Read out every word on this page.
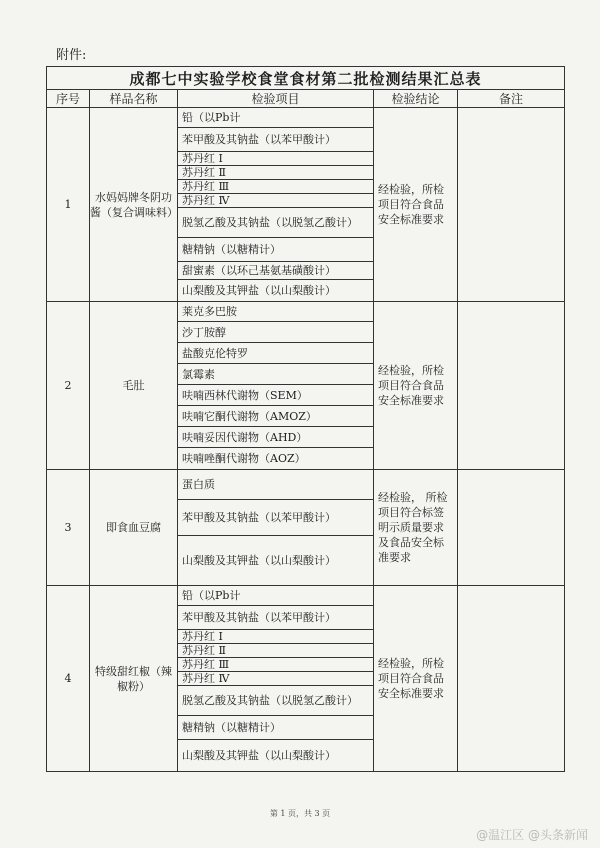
附件:
成都七中实验学校食堂食材第二批检测结果汇总表				
序号	样品名称	检验项目	检验结论	备注
1	水妈妈牌冬阴功酱（复合调味料）	铅（以Pb计	经检验，所检项目符合食品安全标准要求	
		苯甲酸及其钠盐（以苯甲酸计）		
		苏丹红 Ⅰ		
		苏丹红 Ⅱ		
		苏丹红 Ⅲ		
		苏丹红 Ⅳ		
		脱氢乙酸及其钠盐（以脱氢乙酸计）		
		糖精钠（以糖精计）		
		甜蜜素（以环己基氨基磺酸计）		
		山梨酸及其钾盐（以山梨酸计）		
2	毛肚	莱克多巴胺	经检验，所检项目符合食品安全标准要求	
		沙丁胺醇		
		盐酸克伦特罗		
		氯霉素		
		呋喃西林代谢物（SEM）		
		呋喃它酮代谢物（AMOZ）		
		呋喃妥因代谢物（AHD）		
		呋喃唑酮代谢物（AOZ）		
3	即食血豆腐	蛋白质	经检验， 所检项目符合标签明示质量要求及食品安全标准要求	
		苯甲酸及其钠盐（以苯甲酸计）		
		山梨酸及其钾盐（以山梨酸计）		
4	特级甜红椒（辣椒粉）	铅（以Pb计	经检验，所检项目符合食品安全标准要求	
		苯甲酸及其钠盐（以苯甲酸计）		
		苏丹红 Ⅰ		
		苏丹红 Ⅱ		
		苏丹红 Ⅲ		
		苏丹红 Ⅳ		
		脱氢乙酸及其钠盐（以脱氢乙酸计）		
		糖精钠（以糖精计）		
		山梨酸及其钾盐（以山梨酸计）		
第 1 页，共 3 页
@温江区 @头条新闻
